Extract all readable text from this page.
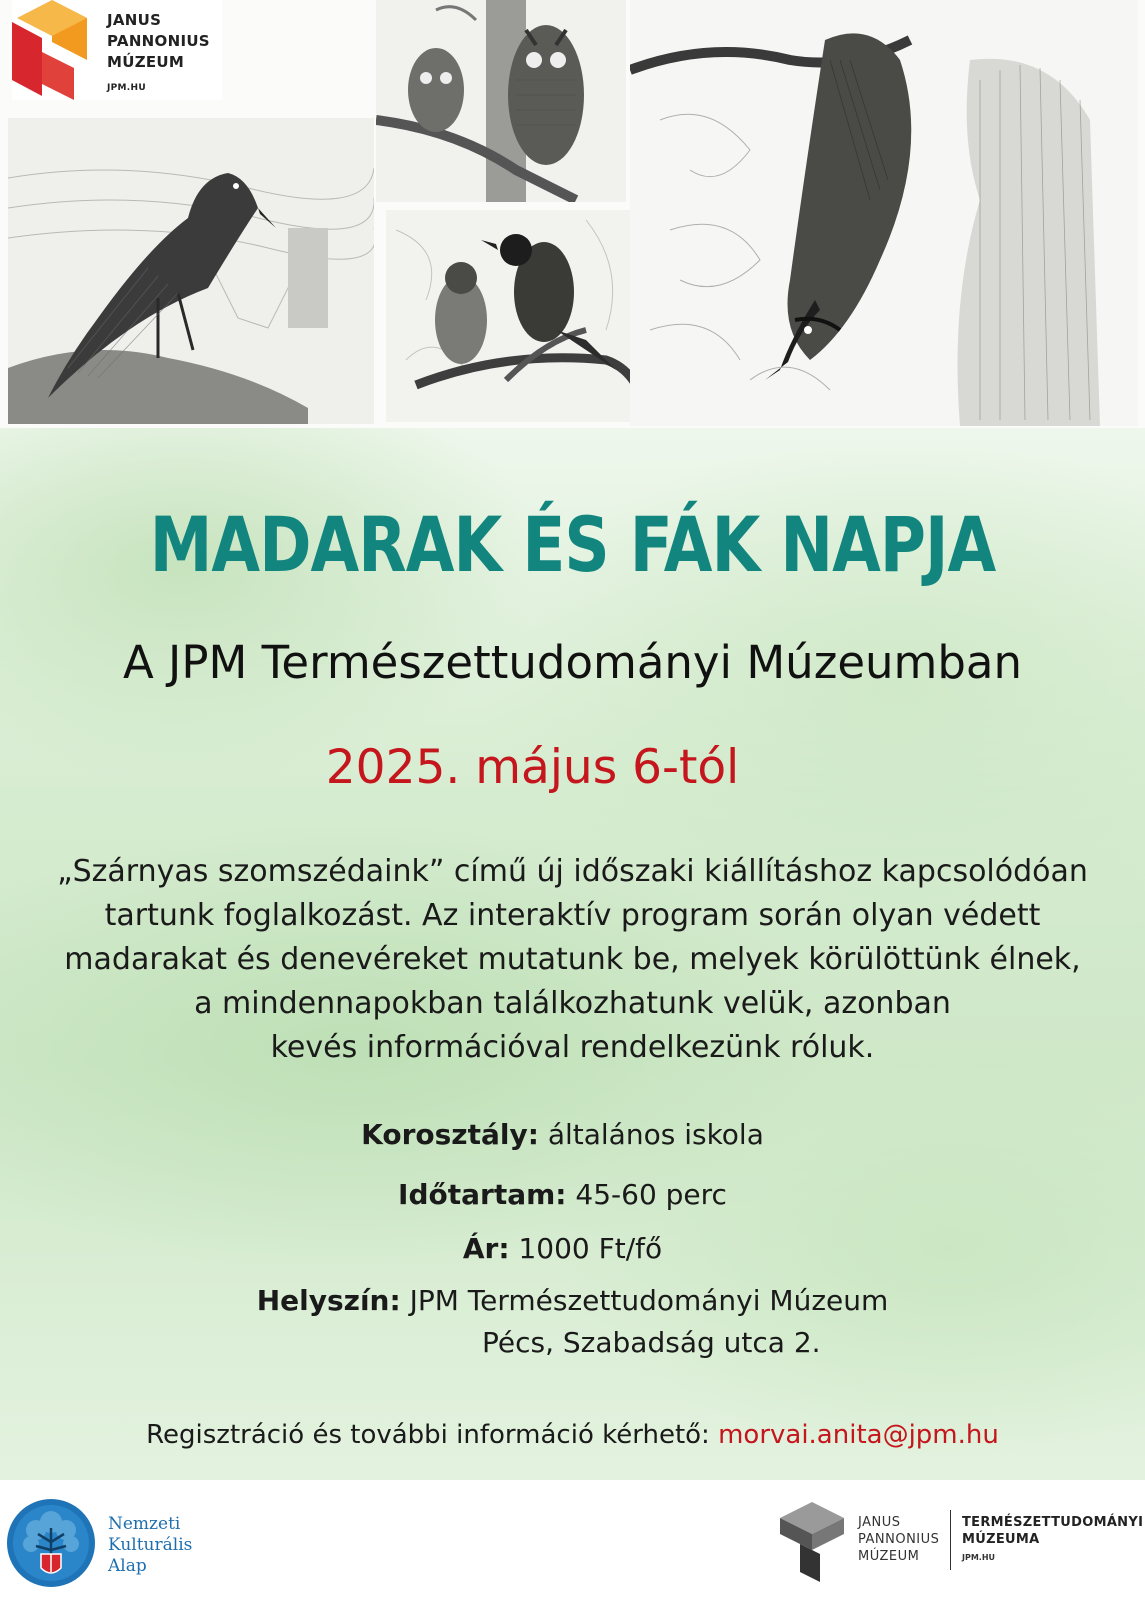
JANUS
PANNONIUS
MÚZEUM
JPM.HU
MADARAK ÉS FÁK NAPJA
A JPM Természettudományi Múzeumban
2025. május 6-tól
„Szárnyas szomszédaink” című új időszaki kiállításhoz kapcsolódóan
tartunk foglalkozást. Az interaktív program során olyan védett
madarakat és denevéreket mutatunk be, melyek körülöttünk élnek,
a mindennapokban találkozhatunk velük, azonban
kevés információval rendelkezünk róluk.
Korosztály: általános iskola
Időtartam: 45-60 perc
Ár: 1000 Ft/fő
Helyszín: JPM Természettudományi Múzeum
Pécs, Szabadság utca 2.
Regisztráció és további információ kérhető: morvai.anita@jpm.hu
Nemzeti
Kulturális
Alap
JANUS
PANNONIUS
MÚZEUM
TERMÉSZETTUDOMÁNYI
MÚZEUMA
JPM.HU
